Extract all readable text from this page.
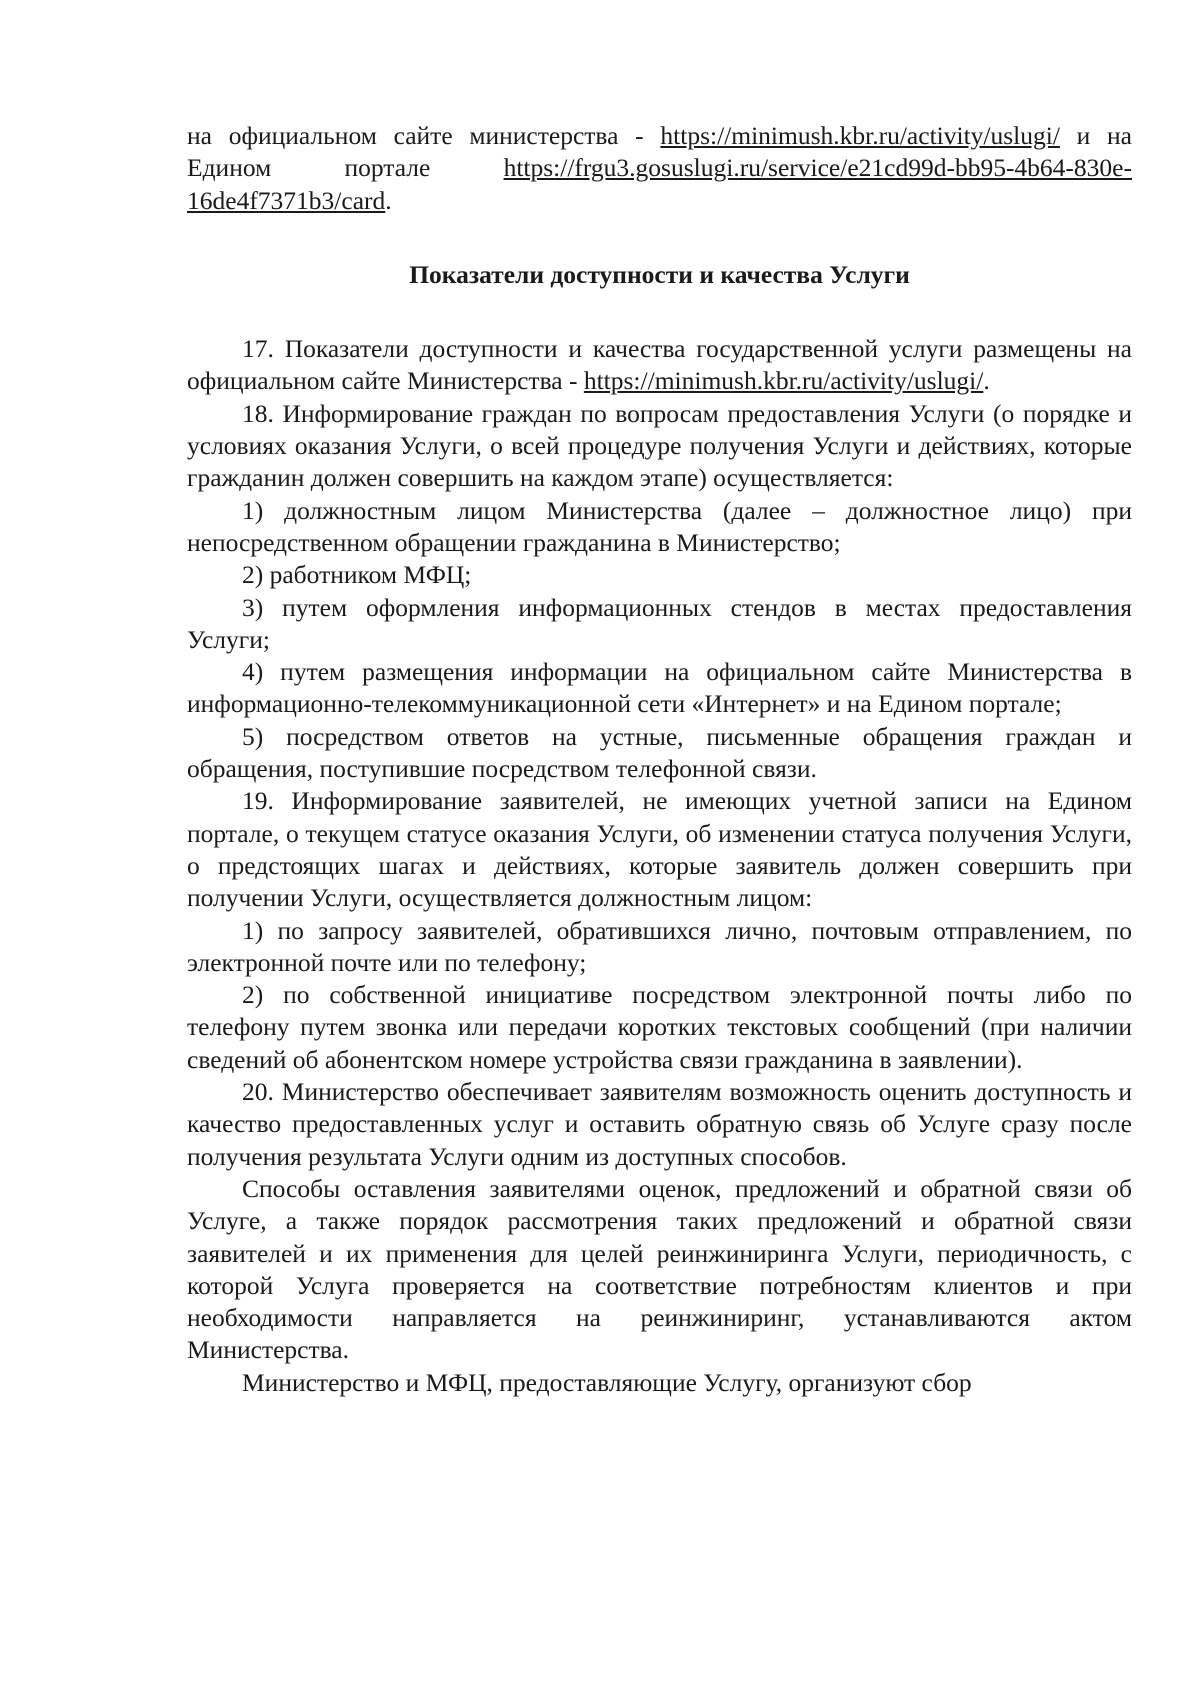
на официальном сайте министерства - https://minimush.kbr.ru/activity/uslugi/ и на Едином портале https://frgu3.gosuslugi.ru/service/e21cd99d-bb95-4b64-830e-16de4f7371b3/card.

Показатели доступности и качества Услуги

17. Показатели доступности и качества государственной услуги размещены на официальном сайте Министерства - https://minimush.kbr.ru/activity/uslugi/.

18. Информирование граждан по вопросам предоставления Услуги (о порядке и условиях оказания Услуги, о всей процедуре получения Услуги и действиях, которые гражданин должен совершить на каждом этапе) осуществляется:

1) должностным лицом Министерства (далее – должностное лицо) при непосредственном обращении гражданина в Министерство;

2) работником МФЦ;

3) путем оформления информационных стендов в местах предоставления Услуги;

4) путем размещения информации на официальном сайте Министерства в информационно-телекоммуникационной сети «Интернет» и на Едином портале;

5) посредством ответов на устные, письменные обращения граждан и обращения, поступившие посредством телефонной связи.

19. Информирование заявителей, не имеющих учетной записи на Едином портале, о текущем статусе оказания Услуги, об изменении статуса получения Услуги, о предстоящих шагах и действиях, которые заявитель должен совершить при получении Услуги, осуществляется должностным лицом:

1) по запросу заявителей, обратившихся лично, почтовым отправлением, по электронной почте или по телефону;

2) по собственной инициативе посредством электронной почты либо по телефону путем звонка или передачи коротких текстовых сообщений (при наличии сведений об абонентском номере устройства связи гражданина в заявлении).

20. Министерство обеспечивает заявителям возможность оценить доступность и качество предоставленных услуг и оставить обратную связь об Услуге сразу после получения результата Услуги одним из доступных способов.

Способы оставления заявителями оценок, предложений и обратной связи об Услуге, а также порядок рассмотрения таких предложений и обратной связи заявителей и их применения для целей реинжиниринга Услуги, периодичность, с которой Услуга проверяется на соответствие потребностям клиентов и при необходимости направляется на реинжиниринг, устанавливаются актом Министерства.

Министерство и МФЦ, предоставляющие Услугу, организуют сбор
